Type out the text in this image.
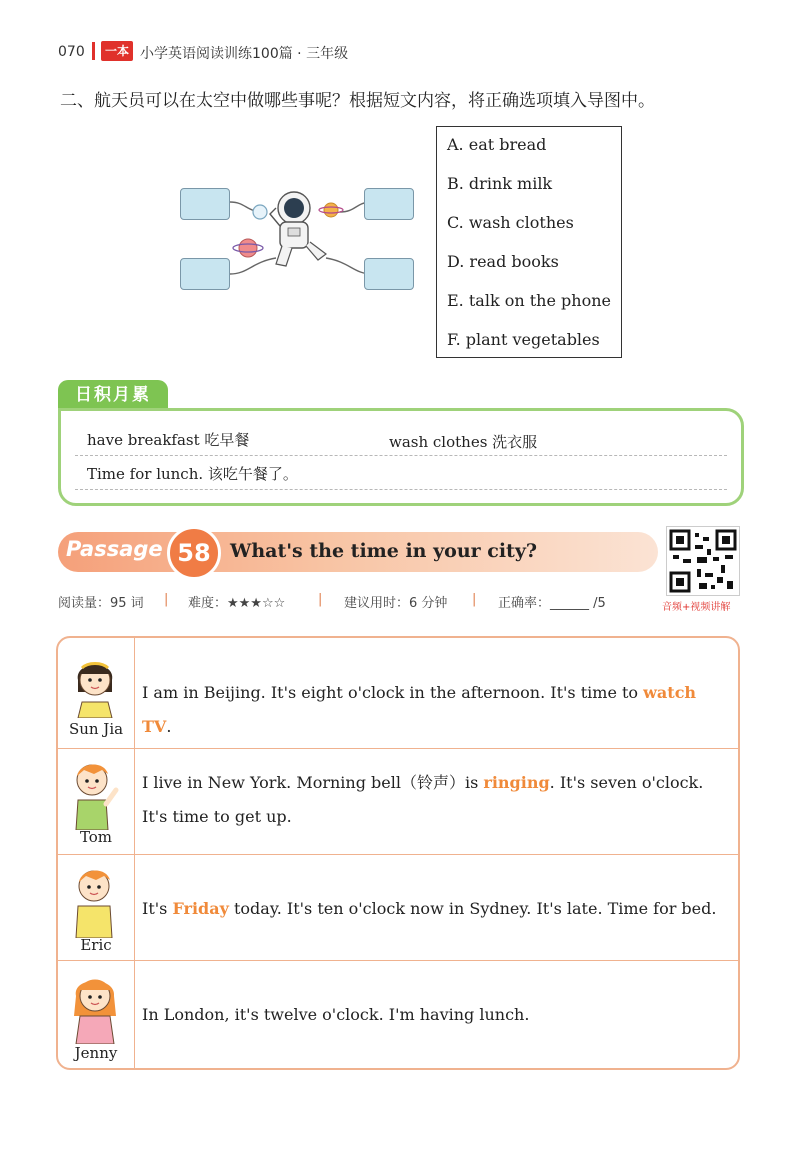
070	一本 小学英语阅读训练100篇 · 三年级
二、航天员可以在太空中做哪些事呢？根据短文内容，将正确选项填入导图中。
A. eat bread
B. drink milk
C. wash clothes
D. read books
E. talk on the phone
F. plant vegetables
日积月累
have breakfast 吃早餐	wash clothes 洗衣服
Time for lunch. 该吃午餐了。
Passage 58	What's the time in your city?
音频+视频讲解
阅读量：95 词 | 难度：★★★☆☆	| 建议用时：6 分钟 | 正确率：______ /5
Sun Jia
I am in Beijing. It's eight o'clock in the afternoon. It's time to watch TV.
Tom
I live in New York. Morning bell（铃声）is ringing. It's seven o'clock. It's time to get up.
Eric
It's Friday today. It's ten o'clock now in Sydney. It's late. Time for bed.
Jenny
In London, it's twelve o'clock. I'm having lunch.
